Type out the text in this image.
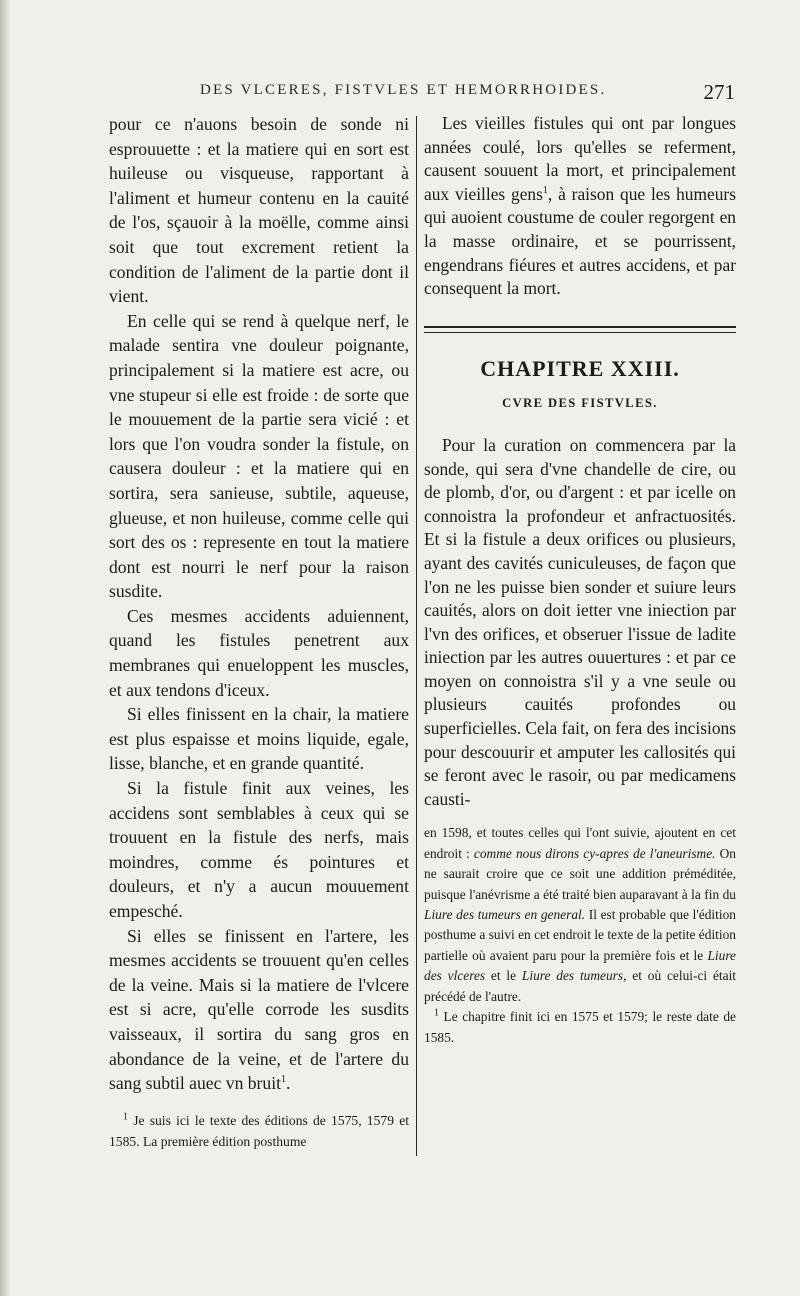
DES VLCERES, FISTVLES ET HEMORRHOIDES.	271

pour ce n'auons besoin de sonde ni esprouuette : et la matiere qui en sort est huileuse ou visqueuse, rapportant à l'aliment et humeur contenu en la cauité de l'os, sçauoir à la moëlle, comme ainsi soit que tout excrement retient la condition de l'aliment de la partie dont il vient.

En celle qui se rend à quelque nerf, le malade sentira vne douleur poignante, principalement si la matiere est acre, ou vne stupeur si elle est froide : de sorte que le mouuement de la partie sera vicié : et lors que l'on voudra sonder la fistule, on causera douleur : et la matiere qui en sortira, sera sanieuse, subtile, aqueuse, glueuse, et non huileuse, comme celle qui sort des os : represente en tout la matiere dont est nourri le nerf pour la raison susdite.

Ces mesmes accidents aduiennent, quand les fistules penetrent aux membranes qui enueloppent les muscles, et aux tendons d'iceux.

Si elles finissent en la chair, la matiere est plus espaisse et moins liquide, egale, lisse, blanche, et en grande quantité.

Si la fistule finit aux veines, les accidens sont semblables à ceux qui se trouuent en la fistule des nerfs, mais moindres, comme és pointures et douleurs, et n'y a aucun mouuement empesché.

Si elles se finissent en l'artere, les mesmes accidents se trouuent qu'en celles de la veine. Mais si la matiere de l'vlcere est si acre, qu'elle corrode les susdits vaisseaux, il sortira du sang gros en abondance de la veine, et de l'artere du sang subtil auec vn bruit$^1$.

$^1$ Je suis ici le texte des éditions de 1575, 1579 et 1585. La première édition posthume

Les vieilles fistules qui ont par longues années coulé, lors qu'elles se referment, causent souuent la mort, et principalement aux vieilles gens$^1$, à raison que les humeurs qui auoient coustume de couler regorgent en la masse ordinaire, et se pourrissent, engendrans fiéures et autres accidens, et par consequent la mort.

CHAPITRE XXIII.
CVRE DES FISTVLES.

Pour la curation on commencera par la sonde, qui sera d'vne chandelle de cire, ou de plomb, d'or, ou d'argent : et par icelle on connoistra la profondeur et anfractuosités. Et si la fistule a deux orifices ou plusieurs, ayant des cavités cuniculeuses, de façon que l'on ne les puisse bien sonder et suiure leurs cauités, alors on doit ietter vne iniection par l'vn des orifices, et obseruer l'issue de ladite iniection par les autres ouuertures : et par ce moyen on connoistra s'il y a vne seule ou plusieurs cauités profondes ou superficielles. Cela fait, on fera des incisions pour descouurir et amputer les callosités qui se feront avec le rasoir, ou par medicamens causti-

en 1598, et toutes celles qui l'ont suivie, ajoutent en cet endroit : comme nous dirons cy-apres de l'aneurisme. On ne saurait croire que ce soit une addition préméditée, puisque l'anévrisme a été traité bien auparavant à la fin du Liure des tumeurs en general. Il est probable que l'édition posthume a suivi en cet endroit le texte de la petite édition partielle où avaient paru pour la première fois et le Liure des vlceres et le Liure des tumeurs, et où celui-ci était précédé de l'autre.

$^1$ Le chapitre finit ici en 1575 et 1579; le reste date de 1585.
